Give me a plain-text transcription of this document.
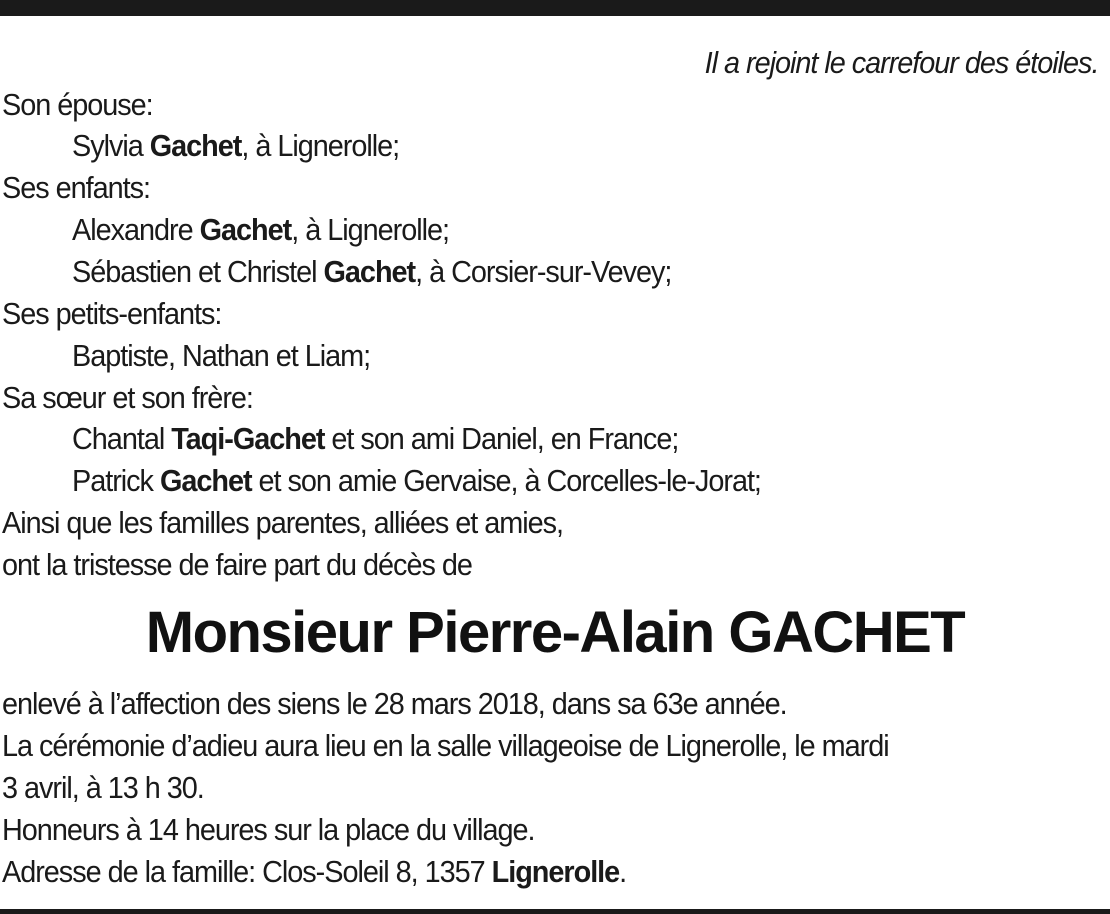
Il a rejoint le carrefour des étoiles.
Son épouse:
Sylvia Gachet, à Lignerolle;
Ses enfants:
Alexandre Gachet, à Lignerolle;
Sébastien et Christel Gachet, à Corsier-sur-Vevey;
Ses petits-enfants:
Baptiste, Nathan et Liam;
Sa sœur et son frère:
Chantal Taqi-Gachet et son ami Daniel, en France;
Patrick Gachet et son amie Gervaise, à Corcelles-le-Jorat;
Ainsi que les familles parentes, alliées et amies,
ont la tristesse de faire part du décès de
Monsieur Pierre-Alain GACHET
enlevé à l’affection des siens le 28 mars 2018, dans sa 63e année.
La cérémonie d’adieu aura lieu en la salle villageoise de Lignerolle, le mardi
3 avril, à 13 h 30.
Honneurs à 14 heures sur la place du village.
Adresse de la famille: Clos-Soleil 8, 1357 Lignerolle.
